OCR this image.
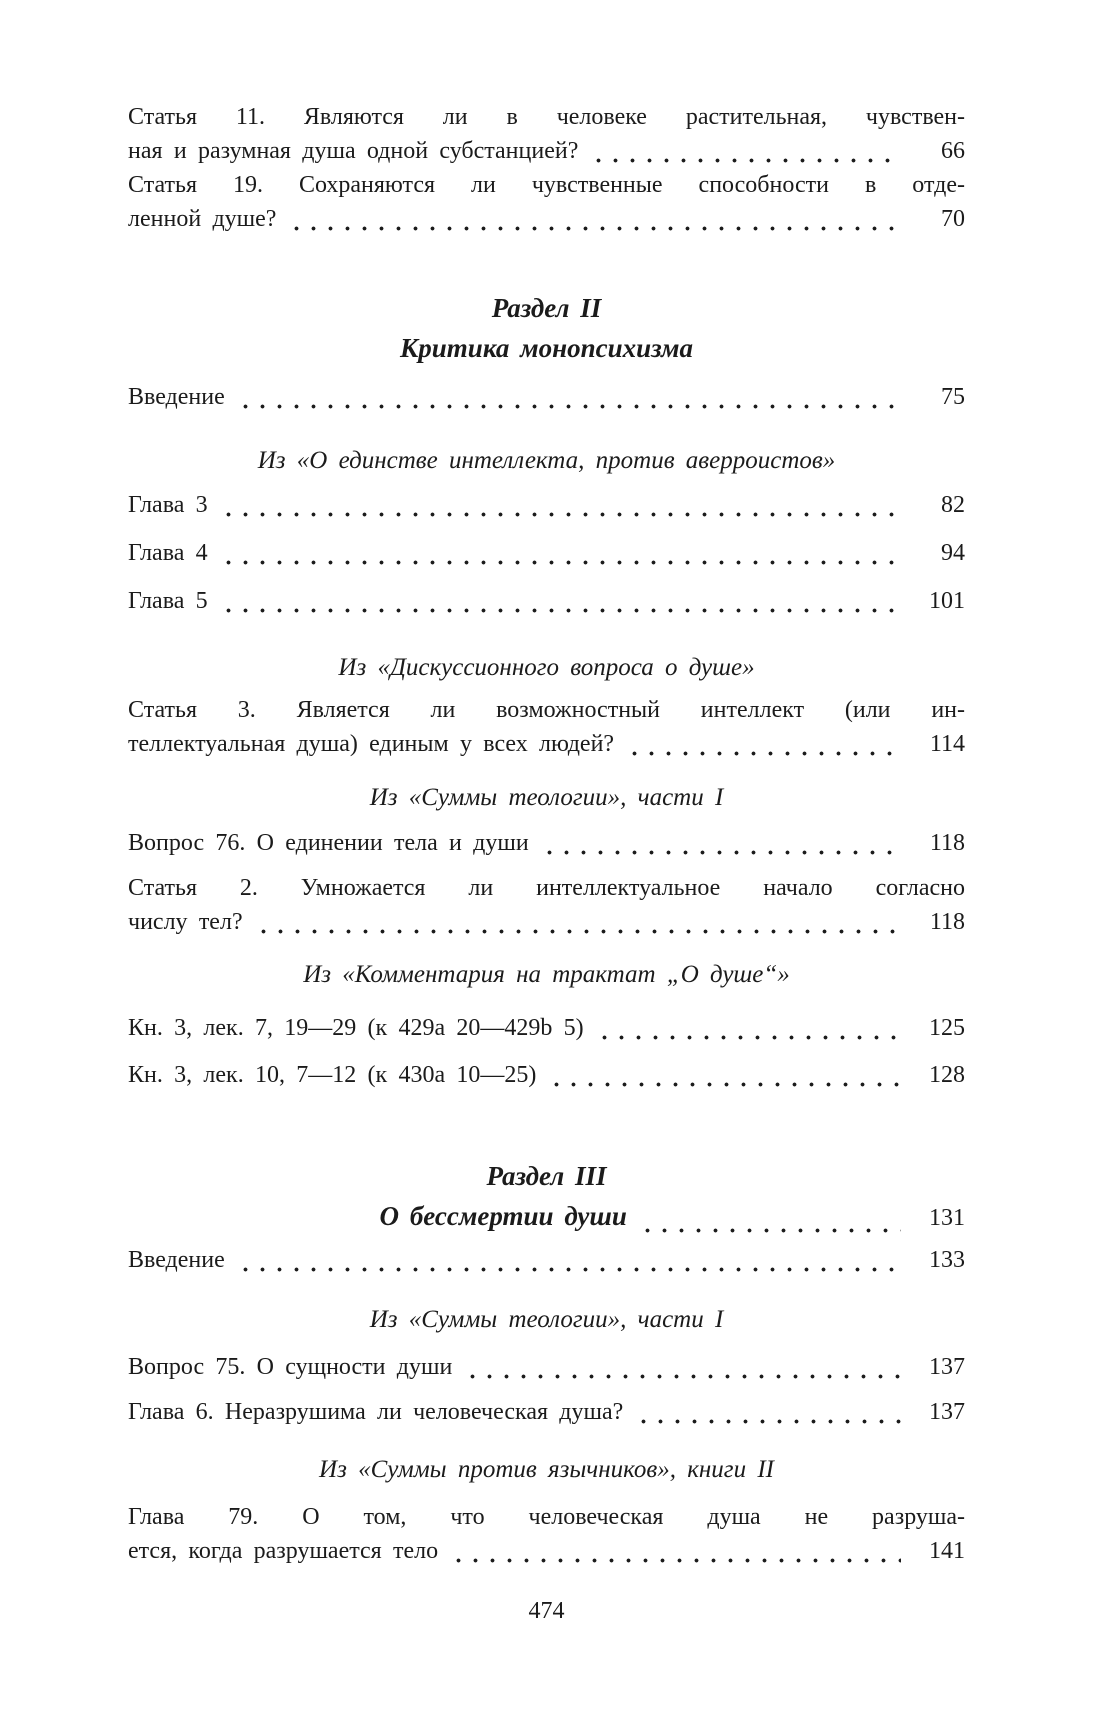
Статья 11. Являются ли в человеке растительная, чувствен-
ная и разумная душа одной субстанцией?	66
Статья 19. Сохраняются ли чувственные способности в отде-
ленной душе?	70
Раздел II
Критика монопсихизма
Введение	75
Из «О единстве интеллекта, против аверроистов»
Глава 3	82
Глава 4	94
Глава 5	101
Из «Дискуссионного вопроса о душе»
Статья 3. Является ли возможностный интеллект (или ин-
теллектуальная душа) единым у всех людей?	114
Из «Суммы теологии», части I
Вопрос 76. О единении тела и души	118
Статья 2. Умножается ли интеллектуальное начало согласно
числу тел?	118
Из «Комментария на трактат „О душе“»
Кн. 3, лек. 7, 19—29 (к 429a 20—429b 5)	125
Кн. 3, лек. 10, 7—12 (к 430a 10—25)	128
Раздел III
О бессмертии души	131
Введение	133
Из «Суммы теологии», части I
Вопрос 75. О сущности души	137
Глава 6. Неразрушима ли человеческая душа?	137
Из «Суммы против язычников», книги II
Глава 79. О том, что человеческая душа не разруша-
ется, когда разрушается тело	141
474
